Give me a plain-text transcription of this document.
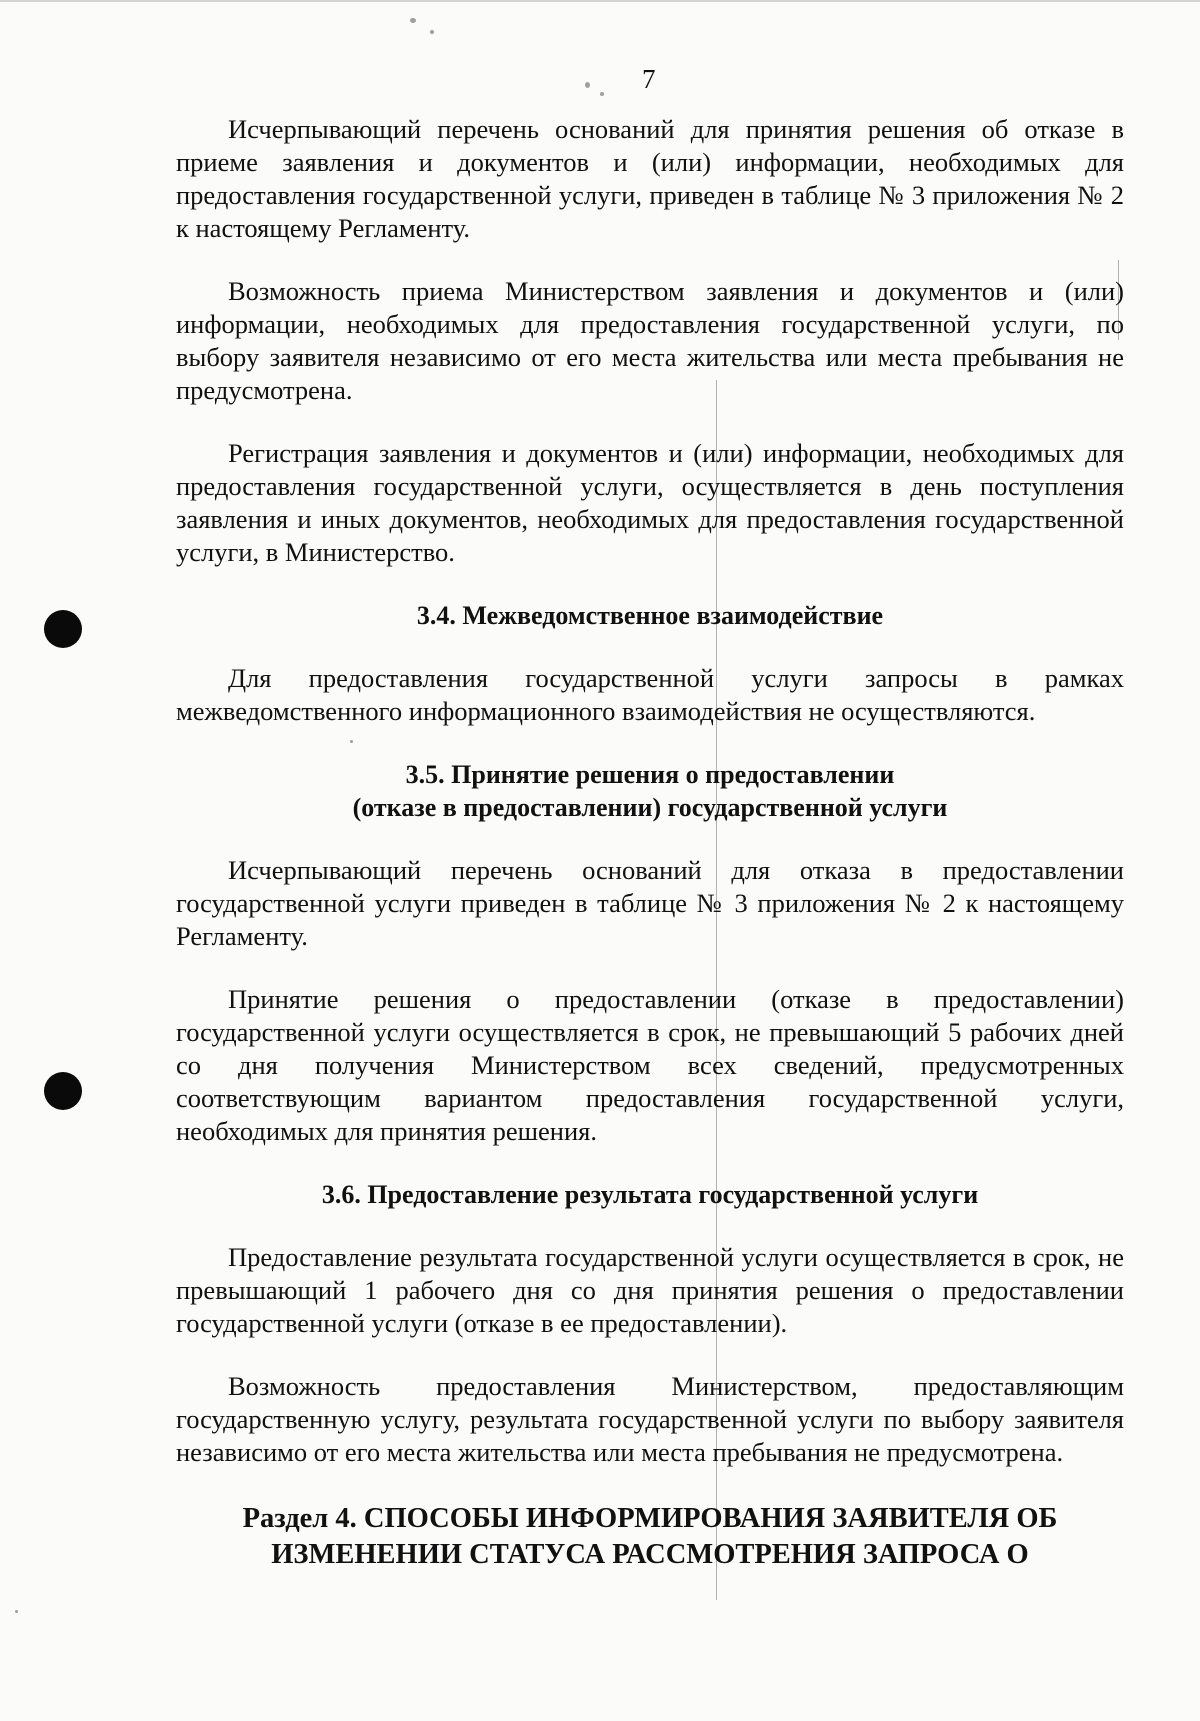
7

Исчерпывающий перечень оснований для принятия решения об отказе в приеме заявления и документов и (или) информации, необходимых для предоставления государственной услуги, приведен в таблице № 3 приложения № 2 к настоящему Регламенту.

Возможность приема Министерством заявления и документов и (или) информации, необходимых для предоставления государственной услуги, по выбору заявителя независимо от его места жительства или места пребывания не предусмотрена.

Регистрация заявления и документов и (или) информации, необходимых для предоставления государственной услуги, осуществляется в день поступления заявления и иных документов, необходимых для предоставления государственной услуги, в Министерство.

3.4. Межведомственное взаимодействие

Для предоставления государственной услуги запросы в рамках межведомственного информационного взаимодействия не осуществляются.

3.5. Принятие решения о предоставлении
(отказе в предоставлении) государственной услуги

Исчерпывающий перечень оснований для отказа в предоставлении государственной услуги приведен в таблице № 3 приложения № 2 к настоящему Регламенту.

Принятие решения о предоставлении (отказе в предоставлении) государственной услуги осуществляется в срок, не превышающий 5 рабочих дней со дня получения Министерством всех сведений, предусмотренных соответствующим вариантом предоставления государственной услуги, необходимых для принятия решения.

3.6. Предоставление результата государственной услуги

Предоставление результата государственной услуги осуществляется в срок, не превышающий 1 рабочего дня со дня принятия решения о предоставлении государственной услуги (отказе в ее предоставлении).

Возможность предоставления Министерством, предоставляющим государственную услугу, результата государственной услуги по выбору заявителя независимо от его места жительства или места пребывания не предусмотрена.

Раздел 4. СПОСОБЫ ИНФОРМИРОВАНИЯ ЗАЯВИТЕЛЯ ОБ
ИЗМЕНЕНИИ СТАТУСА РАССМОТРЕНИЯ ЗАПРОСА О
